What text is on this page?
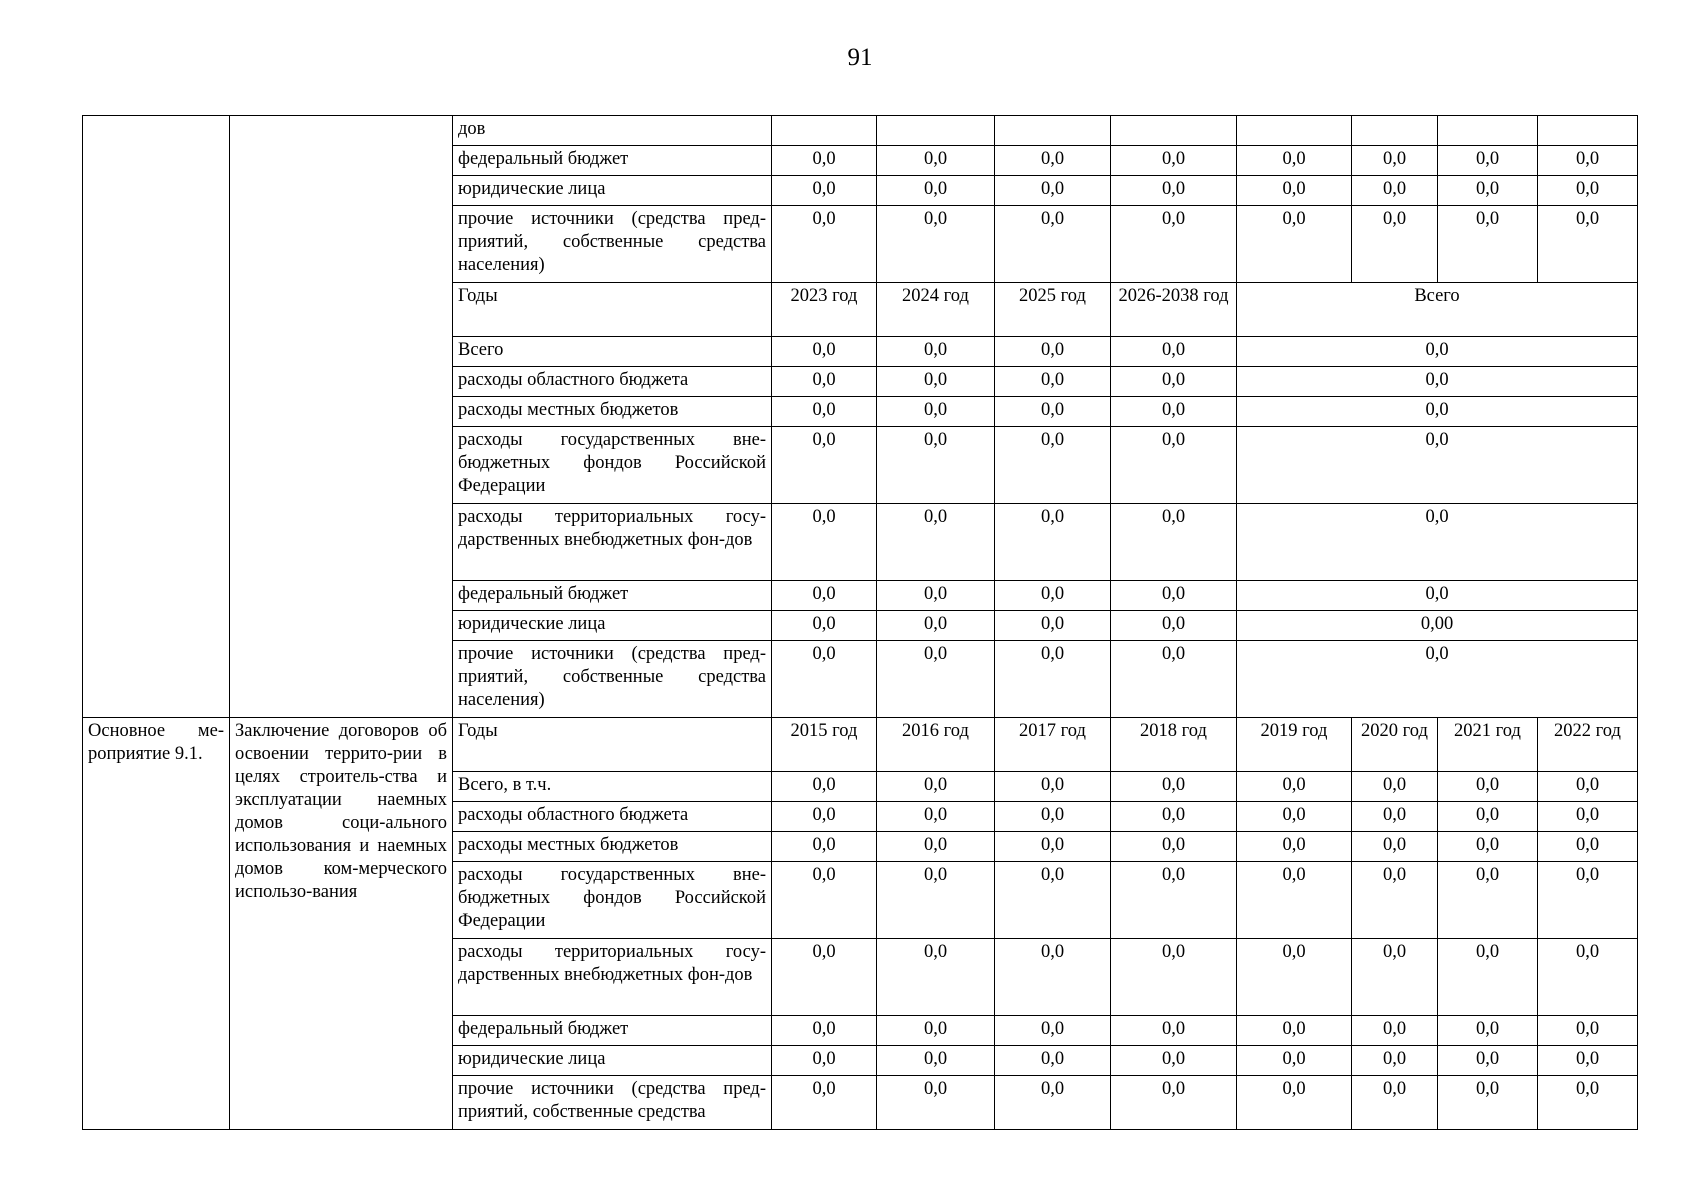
91
		дов								
		федеральный бюджет	0,0	0,0	0,0	0,0	0,0	0,0	0,0	0,0
		юридические лица	0,0	0,0	0,0	0,0	0,0	0,0	0,0	0,0
		прочие источники (средства пред-приятий, собственные средства населения)	0,0	0,0	0,0	0,0	0,0	0,0	0,0	0,0
		Годы	2023 год	2024 год	2025 год	2026-2038 год	Всего			
		Всего	0,0	0,0	0,0	0,0	0,0			
		расходы областного бюджета	0,0	0,0	0,0	0,0	0,0			
		расходы местных бюджетов	0,0	0,0	0,0	0,0	0,0			
		расходы государственных вне-бюджетных фондов Российской Федерации	0,0	0,0	0,0	0,0	0,0			
		расходы территориальных госу-дарственных внебюджетных фон-дов	0,0	0,0	0,0	0,0	0,0			
		федеральный бюджет	0,0	0,0	0,0	0,0	0,0			
		юридические лица	0,0	0,0	0,0	0,0	0,00			
		прочие источники (средства пред-приятий, собственные средства населения)	0,0	0,0	0,0	0,0	0,0			
Основное ме-роприятие 9.1.	Заключение договоров об освоении террито-рии в целях строитель-ства и эксплуатации наемных домов соци-ального использования и наемных домов ком-мерческого использо-вания	Годы	2015 год	2016 год	2017 год	2018 год	2019 год	2020 год	2021 год	2022 год
		Всего, в т.ч.	0,0	0,0	0,0	0,0	0,0	0,0	0,0	0,0
		расходы областного бюджета	0,0	0,0	0,0	0,0	0,0	0,0	0,0	0,0
		расходы местных бюджетов	0,0	0,0	0,0	0,0	0,0	0,0	0,0	0,0
		расходы государственных вне-бюджетных фондов Российской Федерации	0,0	0,0	0,0	0,0	0,0	0,0	0,0	0,0
		расходы территориальных госу-дарственных внебюджетных фон-дов	0,0	0,0	0,0	0,0	0,0	0,0	0,0	0,0
		федеральный бюджет	0,0	0,0	0,0	0,0	0,0	0,0	0,0	0,0
		юридические лица	0,0	0,0	0,0	0,0	0,0	0,0	0,0	0,0
		прочие источники (средства пред-приятий, собственные средства	0,0	0,0	0,0	0,0	0,0	0,0	0,0	0,0
